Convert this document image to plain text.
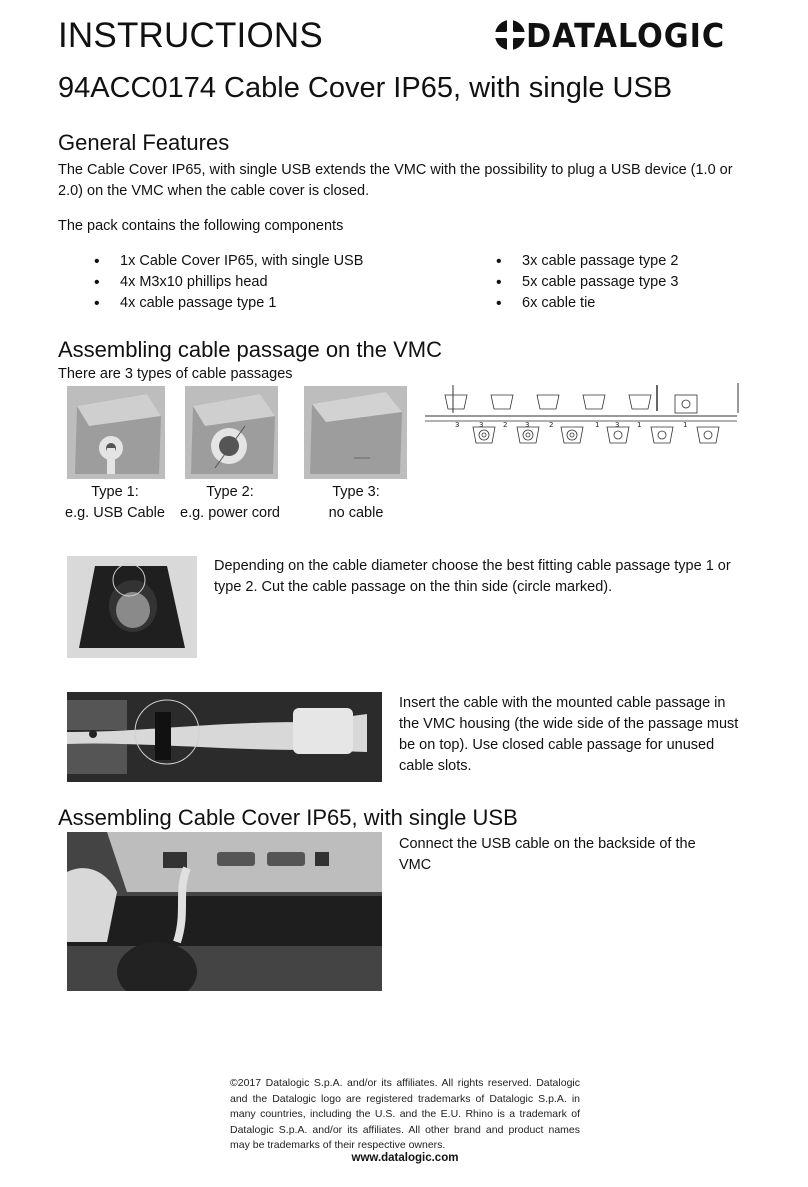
INSTRUCTIONS	DATALOGIC
94ACC0174 Cable Cover IP65, with single USB
General Features
The Cable Cover IP65, with single USB extends the VMC with the possibility to plug a USB device (1.0 or 2.0) on the VMC when the cable cover is closed.
The pack contains the following components
• 1x Cable Cover IP65, with single USB
• 4x M3x10 phillips head
• 4x cable passage type 1
• 3x cable passage type 2
• 5x cable passage type 3
• 6x cable tie
Assembling cable passage on the VMC
There are 3 types of cable passages
3	3	2	3	2	1 3	1	1
Type 1:
e.g. USB Cable
Type 2:
e.g. power cord
Type 3:
no cable
Depending on the cable diameter choose the best fitting cable passage type 1 or type 2. Cut the cable passage on the thin side (circle marked).
Insert the cable with the mounted cable passage in the VMC housing (the wide side of the passage must be on top). Use closed cable passage for unused cable slots.
Assembling Cable Cover IP65, with single USB
Connect the USB cable on the backside of the VMC
©2017 Datalogic S.p.A. and/or its affiliates. All rights reserved. Datalogic and the Datalogic logo are registered trademarks of Datalogic S.p.A. in many countries, including the U.S. and the E.U. Rhino is a trademark of Datalogic S.p.A. and/or its affiliates. All other brand and product names may be trademarks of their respective owners.
www.datalogic.com
